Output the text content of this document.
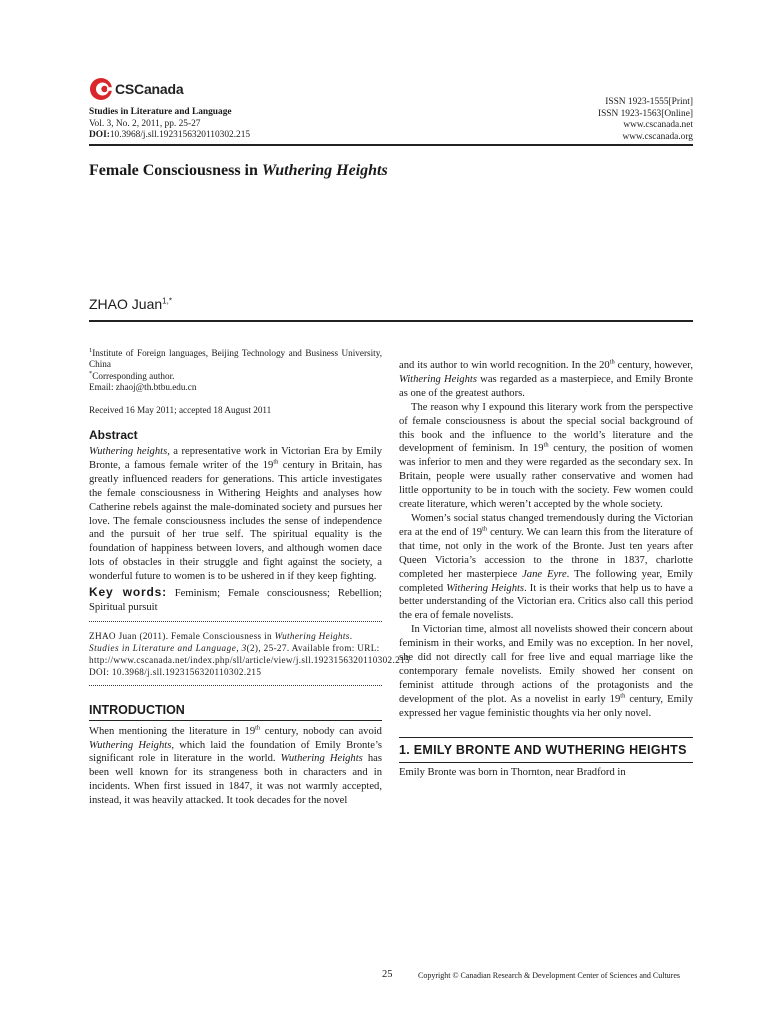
CSCanada
Studies in Literature and Language
Vol. 3, No. 2, 2011, pp. 25-27
DOI:10.3968/j.sll.1923156320110302.215
ISSN 1923-1555[Print]
ISSN 1923-1563[Online]
www.cscanada.net
www.cscanada.org
Female Consciousness in Wuthering Heights
ZHAO Juan$^{1,*}$
$^1$Institute of Foreign languages, Beijing Technology and Business University, China
*Corresponding author.
Email: zhaoj@th.btbu.edu.cn
Received 16 May 2011; accepted 18 August 2011
Abstract

Wuthering heights, a representative work in Victorian Era by Emily Bronte, a famous female writer of the 19th century in Britain, has greatly influenced readers for generations. This article investigates the female consciousness in Withering Heights and analyses how Catherine rebels against the male-dominated society and pursues her love. The female consciousness includes the sense of independence and the pursuit of her true self. The spiritual equality is the foundation of happiness between lovers, and although women dace lots of obstacles in their struggle and fight against the society, a wonderful future to women is to be ushered in if they keep fighting.

Key words: Feminism; Female consciousness; Rebellion; Spiritual pursuit

ZHAO Juan (2011). Female Consciousness in Wuthering Heights. Studies in Literature and Language, 3(2), 25-27. Available from: URL: http://www.cscanada.net/index.php/sll/article/view/j.sll.1923156320110302.215 DOI: 10.3968/j.sll.1923156320110302.215

INTRODUCTION

When mentioning the literature in 19th century, nobody can avoid Wuthering Heights, which laid the foundation of Emily Bronte’s significant role in literature in the world. Wuthering Heights has been well known for its strangeness both in characters and in incidents. When first issued in 1847, it was not warmly accepted, instead, it was heavily attacked. It took decades for the novel

and its author to win world recognition. In the 20th century, however, Withering Heights was regarded as a masterpiece, and Emily Bronte as one of the greatest authors.

The reason why I expound this literary work from the perspective of female consciousness is about the special social background of this book and the influence to the world’s literature and the development of feminism. In 19th century, the position of women was inferior to men and they were regarded as the secondary sex. In Britain, people were usually rather conservative and women had little opportunity to be in touch with the society. Few women could create literature, which weren’t accepted by the whole society.

Women’s social status changed tremendously during the Victorian era at the end of 19th century. We can learn this from the literature of that time, not only in the work of the Bronte. Just ten years after Queen Victoria’s accession to the throne in 1837, charlotte completed her masterpiece Jane Eyre. The following year, Emily completed Withering Heights. It is their works that help us to have a better understanding of the Victorian era. Critics also call this period the era of female novelists.

In Victorian time, almost all novelists showed their concern about feminism in their works, and Emily was no exception. In her novel, she did not directly call for free live and equal marriage like the contemporary female novelists. Emily showed her consent on feminist attitude through actions of the protagonists and the development of the plot. As a novelist in early 19th century, Emily expressed her vague feministic thoughts via her only novel.

1. EMILY BRONTE AND WUTHERING HEIGHTS

Emily Bronte was born in Thornton, near Bradford in

25	Copyright © Canadian Research & Development Center of Sciences and Cultures
